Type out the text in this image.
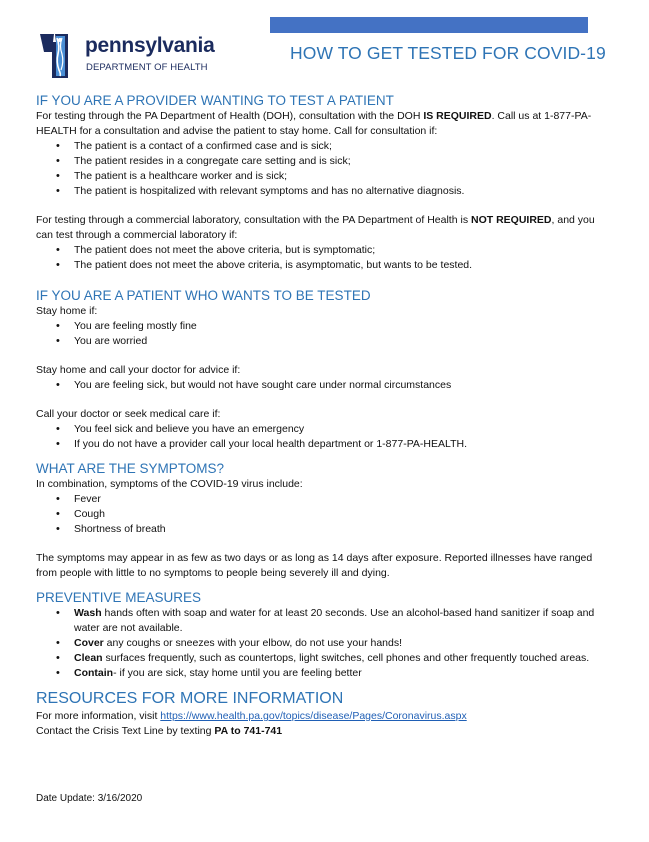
pennsylvania
DEPARTMENT OF HEALTH
HOW TO GET TESTED FOR COVID-19
IF YOU ARE A PROVIDER WANTING TO TEST A PATIENT

For testing through the PA Department of Health (DOH), consultation with the DOH IS REQUIRED. Call us at 1-877-PA-HEALTH for a consultation and advise the patient to stay home. Call for consultation if:

• The patient is a contact of a confirmed case and is sick;
• The patient resides in a congregate care setting and is sick;
• The patient is a healthcare worker and is sick;
• The patient is hospitalized with relevant symptoms and has no alternative diagnosis.

For testing through a commercial laboratory, consultation with the PA Department of Health is NOT REQUIRED, and you can test through a commercial laboratory if:

• The patient does not meet the above criteria, but is symptomatic;
• The patient does not meet the above criteria, is asymptomatic, but wants to be tested.
IF YOU ARE A PATIENT WHO WANTS TO BE TESTED

Stay home if:

• You are feeling mostly fine
• You are worried

Stay home and call your doctor for advice if:

• You are feeling sick, but would not have sought care under normal circumstances

Call your doctor or seek medical care if:

• You feel sick and believe you have an emergency
• If you do not have a provider call your local health department or 1-877-PA-HEALTH.
WHAT ARE THE SYMPTOMS?

In combination, symptoms of the COVID-19 virus include:

• Fever
• Cough
• Shortness of breath

The symptoms may appear in as few as two days or as long as 14 days after exposure. Reported illnesses have ranged from people with little to no symptoms to people being severely ill and dying.

PREVENTIVE MEASURES
• Wash hands often with soap and water for at least 20 seconds. Use an alcohol-based hand sanitizer if soap and water are not available.
• Cover any coughs or sneezes with your elbow, do not use your hands!
• Clean surfaces frequently, such as countertops, light switches, cell phones and other frequently touched areas.
• Contain- if you are sick, stay home until you are feeling better
RESOURCES FOR MORE INFORMATION

For more information, visit https://www.health.pa.gov/topics/disease/Pages/Coronavirus.aspx

Contact the Crisis Text Line by texting PA to 741-741

Date Update: 3/16/2020
